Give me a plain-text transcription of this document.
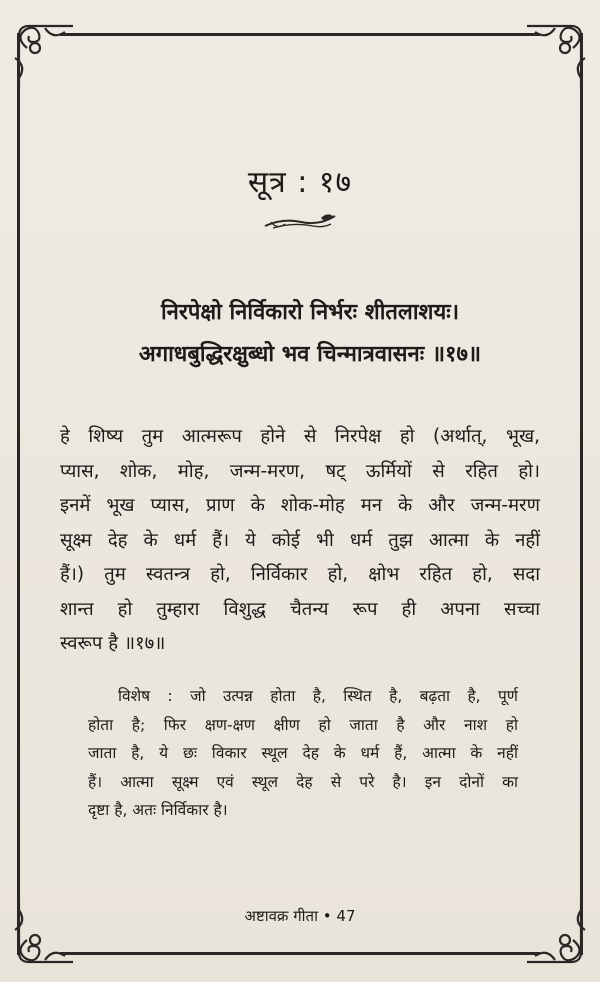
सूत्र : १७
निरपेक्षो निर्विकारो निर्भरः शीतलाशयः।
अगाधबुद्धिरक्षुब्धो भव चिन्मात्रवासनः ॥१७॥
हे शिष्य तुम आत्मरूप होने से निरपेक्ष हो (अर्थात्, भूख,
प्यास, शोक, मोह, जन्म-मरण, षट् ऊर्मियों से रहित हो।
इनमें भूख प्यास, प्राण के शोक-मोह मन के और जन्म-मरण
सूक्ष्म देह के धर्म हैं। ये कोई भी धर्म तुझ आत्मा के नहीं
हैं।) तुम स्वतन्त्र हो, निर्विकार हो, क्षोभ रहित हो, सदा
शान्त हो तुम्हारा विशुद्ध चैतन्य रूप ही अपना सच्चा
स्वरूप है ॥१७॥
विशेष : जो उत्पन्न होता है, स्थित है, बढ़ता है, पूर्ण
होता है; फिर क्षण-क्षण क्षीण हो जाता है और नाश हो
जाता है, ये छः विकार स्थूल देह के धर्म हैं, आत्मा के नहीं
हैं। आत्मा सूक्ष्म एवं स्थूल देह से परे है। इन दोनों का
दृष्टा है, अतः निर्विकार है।
अष्टावक्र गीता • 47
